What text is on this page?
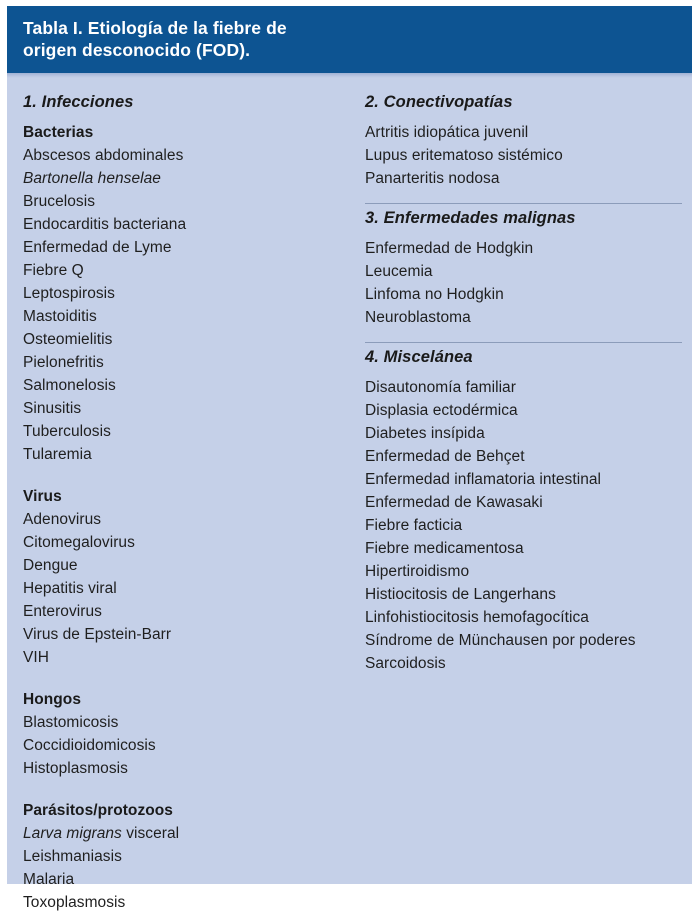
Tabla I. Etiología de la fiebre de
origen desconocido (FOD).
1. Infecciones
Bacterias
Abscesos abdominales
Bartonella henselae
Brucelosis
Endocarditis bacteriana
Enfermedad de Lyme
Fiebre Q
Leptospirosis
Mastoiditis
Osteomielitis
Pielonefritis
Salmonelosis
Sinusitis
Tuberculosis
Tularemia
Virus
Adenovirus
Citomegalovirus
Dengue
Hepatitis viral
Enterovirus
Virus de Epstein-Barr
VIH
Hongos
Blastomicosis
Coccidioidomicosis
Histoplasmosis
Parásitos/protozoos
Larva migrans visceral
Leishmaniasis
Malaria
Toxoplasmosis
2. Conectivopatías
Artritis idiopática juvenil
Lupus eritematoso sistémico
Panarteritis nodosa
3. Enfermedades malignas
Enfermedad de Hodgkin
Leucemia
Linfoma no Hodgkin
Neuroblastoma
4. Miscelánea
Disautonomía familiar
Displasia ectodérmica
Diabetes insípida
Enfermedad de Behçet
Enfermedad inflamatoria intestinal
Enfermedad de Kawasaki
Fiebre facticia
Fiebre medicamentosa
Hipertiroidismo
Histiocitosis de Langerhans
Linfohistiocitosis hemofagocítica
Síndrome de Münchausen por poderes
Sarcoidosis
